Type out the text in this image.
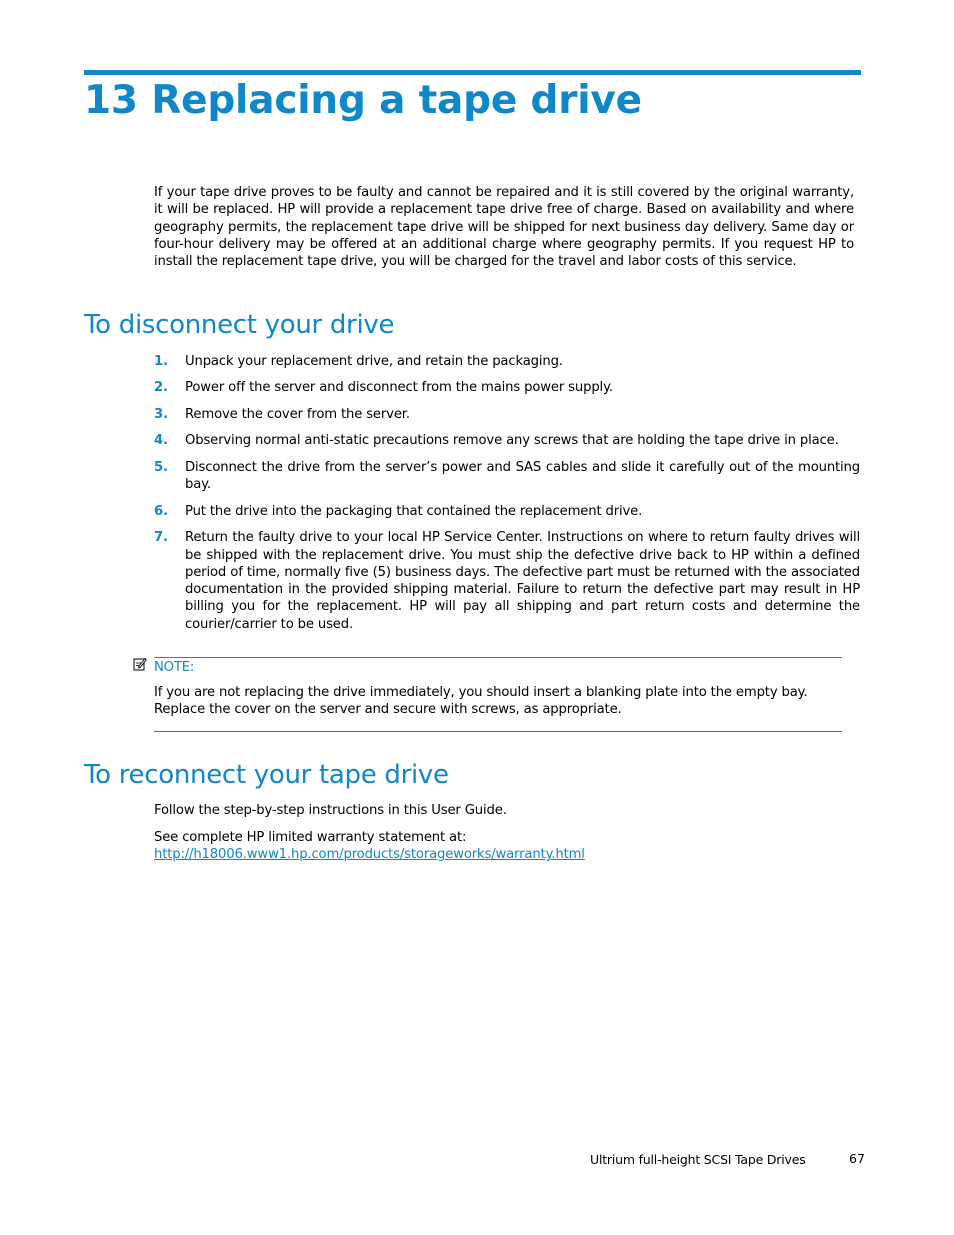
13 Replacing a tape drive

If your tape drive proves to be faulty and cannot be repaired and it is still covered by the original warranty, it will be replaced. HP will provide a replacement tape drive free of charge. Based on availability and where geography permits, the replacement tape drive will be shipped for next business day delivery. Same day or four-hour delivery may be offered at an additional charge where geography permits. If you request HP to install the replacement tape drive, you will be charged for the travel and labor costs of this service.

To disconnect your drive
1. Unpack your replacement drive, and retain the packaging.
2. Power off the server and disconnect from the mains power supply.
3. Remove the cover from the server.
4. Observing normal anti-static precautions remove any screws that are holding the tape drive in place.
5. Disconnect the drive from the server’s power and SAS cables and slide it carefully out of the mounting bay.
6. Put the drive into the packaging that contained the replacement drive.
7. Return the faulty drive to your local HP Service Center. Instructions on where to return faulty drives will be shipped with the replacement drive. You must ship the defective drive back to HP within a defined period of time, normally five (5) business days. The defective part must be returned with the associated documentation in the provided shipping material. Failure to return the defective part may result in HP billing you for the replacement. HP will pay all shipping and part return costs and determine the courier/carrier to be used.
NOTE:

If you are not replacing the drive immediately, you should insert a blanking plate into the empty bay. Replace the cover on the server and secure with screws, as appropriate.

To reconnect your tape drive

Follow the step-by-step instructions in this User Guide.

See complete HP limited warranty statement at:  http://h18006.www1.hp.com/products/storageworks/warranty.html

Ultrium full-height SCSI Tape Drives	67
